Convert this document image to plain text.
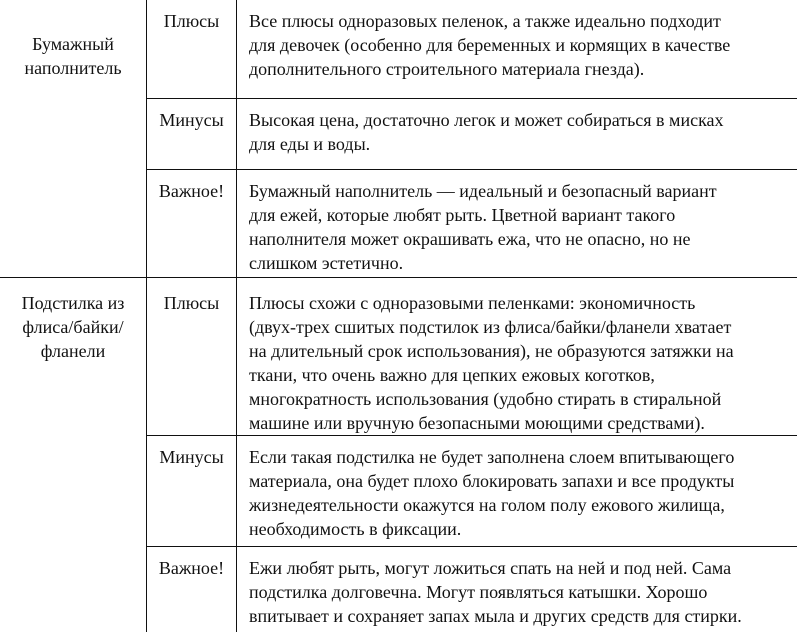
Бумажный
наполнитель
Плюсы	Все плюсы одноразовых пеленок, а также идеально подходит
для девочек (особенно для беременных и кормящих в качестве
дополнительного строительного материала гнезда).
Минусы	Высокая цена, достаточно легок и может собираться в мисках
для еды и воды.
Важное!	Бумажный наполнитель — идеальный и безопасный вариант
для ежей, которые любят рыть. Цветной вариант такого
наполнителя может окрашивать ежа, что не опасно, но не
слишком эстетично.
Подстилка из
флиса/байки/
фланели
Плюсы	Плюсы схожи с одноразовыми пеленками: экономичность
(двух-трех сшитых подстилок из флиса/байки/фланели хватает
на длительный срок использования), не образуются затяжки на
ткани, что очень важно для цепких ежовых коготков,
многократность использования (удобно стирать в стиральной
машине или вручную безопасными моющими средствами).
Минусы	Если такая подстилка не будет заполнена слоем впитывающего
материала, она будет плохо блокировать запахи и все продукты
жизнедеятельности окажутся на голом полу ежового жилища,
необходимость в фиксации.
Важное!	Ежи любят рыть, могут ложиться спать на ней и под ней. Сама
подстилка долговечна. Могут появляться катышки. Хорошо
впитывает и сохраняет запах мыла и других средств для стирки.
